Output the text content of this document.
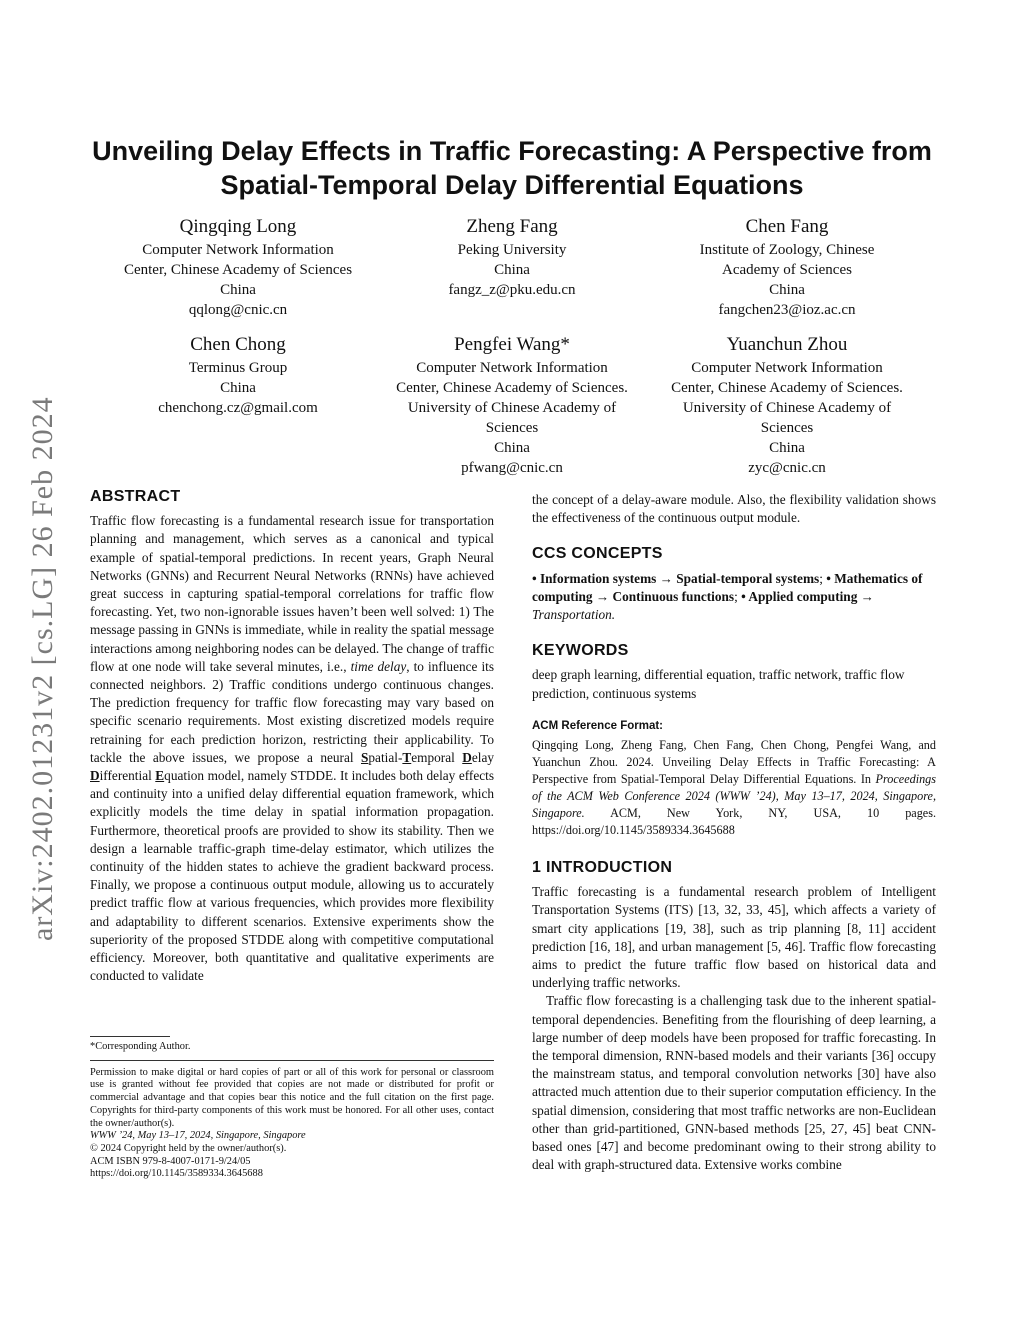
arXiv:2402.01231v2 [cs.LG] 26 Feb 2024
Unveiling Delay Effects in Traffic Forecasting: A Perspective from
Spatial-Temporal Delay Differential Equations
Qingqing Long
Computer Network Information
Center, Chinese Academy of Sciences
China
qqlong@cnic.cn
Zheng Fang
Peking University
China
fangz_z@pku.edu.cn
Chen Fang
Institute of Zoology, Chinese
Academy of Sciences
China
fangchen23@ioz.ac.cn
Chen Chong
Terminus Group
China
chenchong.cz@gmail.com
Pengfei Wang*
Computer Network Information
Center, Chinese Academy of Sciences.
University of Chinese Academy of
Sciences
China
pfwang@cnic.cn
Yuanchun Zhou
Computer Network Information
Center, Chinese Academy of Sciences.
University of Chinese Academy of
Sciences
China
zyc@cnic.cn
ABSTRACT

Traffic flow forecasting is a fundamental research issue for transportation planning and management, which serves as a canonical and typical example of spatial-temporal predictions. In recent years, Graph Neural Networks (GNNs) and Recurrent Neural Networks (RNNs) have achieved great success in capturing spatial-temporal correlations for traffic flow forecasting. Yet, two non-ignorable issues haven’t been well solved: 1) The message passing in GNNs is immediate, while in reality the spatial message interactions among neighboring nodes can be delayed. The change of traffic flow at one node will take several minutes, i.e., time delay, to influence its connected neighbors. 2) Traffic conditions undergo continuous changes. The prediction frequency for traffic flow forecasting may vary based on specific scenario requirements. Most existing discretized models require retraining for each prediction horizon, restricting their applicability. To tackle the above issues, we propose a neural Spatial-Temporal Delay Differential Equation model, namely STDDE. It includes both delay effects and continuity into a unified delay differential equation framework, which explicitly models the time delay in spatial information propagation. Furthermore, theoretical proofs are provided to show its stability. Then we design a learnable traffic-graph time-delay estimator, which utilizes the continuity of the hidden states to achieve the gradient backward process. Finally, we propose a continuous output module, allowing us to accurately predict traffic flow at various frequencies, which provides more flexibility and adaptability to different scenarios. Extensive experiments show the superiority of the proposed STDDE along with competitive computational efficiency. Moreover, both quantitative and qualitative experiments are conducted to validate

*Corresponding Author.
Permission to make digital or hard copies of part or all of this work for personal or classroom use is granted without fee provided that copies are not made or distributed for profit or commercial advantage and that copies bear this notice and the full citation on the first page. Copyrights for third-party components of this work must be honored. For all other uses, contact the owner/author(s).
WWW ’24, May 13–17, 2024, Singapore, Singapore
© 2024 Copyright held by the owner/author(s).
ACM ISBN 979-8-4007-0171-9/24/05
https://doi.org/10.1145/3589334.3645688

the concept of a delay-aware module. Also, the flexibility validation shows the effectiveness of the continuous output module.

CCS CONCEPTS

• Information systems → Spatial-temporal systems; • Mathematics of computing → Continuous functions; • Applied computing → Transportation.

KEYWORDS

deep graph learning, differential equation, traffic network, traffic flow prediction, continuous systems

ACM Reference Format:

Qingqing Long, Zheng Fang, Chen Fang, Chen Chong, Pengfei Wang, and Yuanchun Zhou. 2024. Unveiling Delay Effects in Traffic Forecasting: A Perspective from Spatial-Temporal Delay Differential Equations. In Proceedings of the ACM Web Conference 2024 (WWW ’24), May 13–17, 2024, Singapore, Singapore. ACM, New York, NY, USA, 10 pages. https://doi.org/10.1145/3589334.3645688

1 INTRODUCTION

Traffic forecasting is a fundamental research problem of Intelligent Transportation Systems (ITS) [13, 32, 33, 45], which affects a variety of smart city applications [19, 38], such as trip planning [8, 11] accident prediction [16, 18], and urban management [5, 46]. Traffic flow forecasting aims to predict the future traffic flow based on historical data and underlying traffic networks.

Traffic flow forecasting is a challenging task due to the inherent spatial-temporal dependencies. Benefiting from the flourishing of deep learning, a large number of deep models have been proposed for traffic forecasting. In the temporal dimension, RNN-based models and their variants [36] occupy the mainstream status, and temporal convolution networks [30] have also attracted much attention due to their superior computation efficiency. In the spatial dimension, considering that most traffic networks are non-Euclidean other than grid-partitioned, GNN-based methods [25, 27, 45] beat CNN-based ones [47] and become predominant owing to their strong ability to deal with graph-structured data. Extensive works combine
